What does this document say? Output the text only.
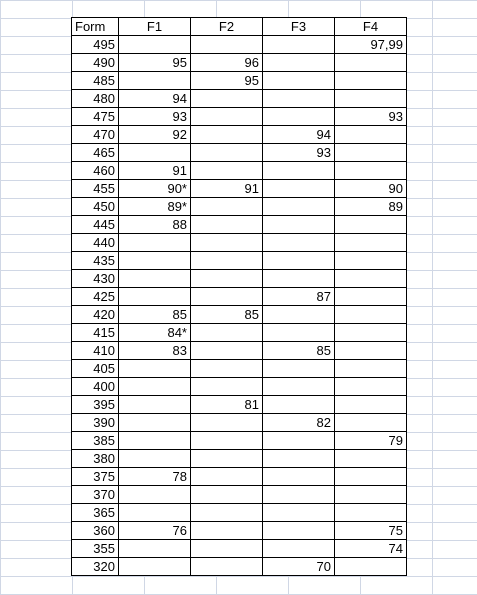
Form	F1	F2	F3	F4
495				97,99
490	95	96		
485		95		
480	94			
475	93			93
470	92		94	
465			93	
460	91			
455	90*	91		90
450	89*			89
445	88			
440				
435				
430				
425			87	
420	85	85		
415	84*			
410	83		85	
405				
400				
395		81		
390			82	
385				79
380				
375	78			
370				
365				
360	76			75
355				74
320			70	
